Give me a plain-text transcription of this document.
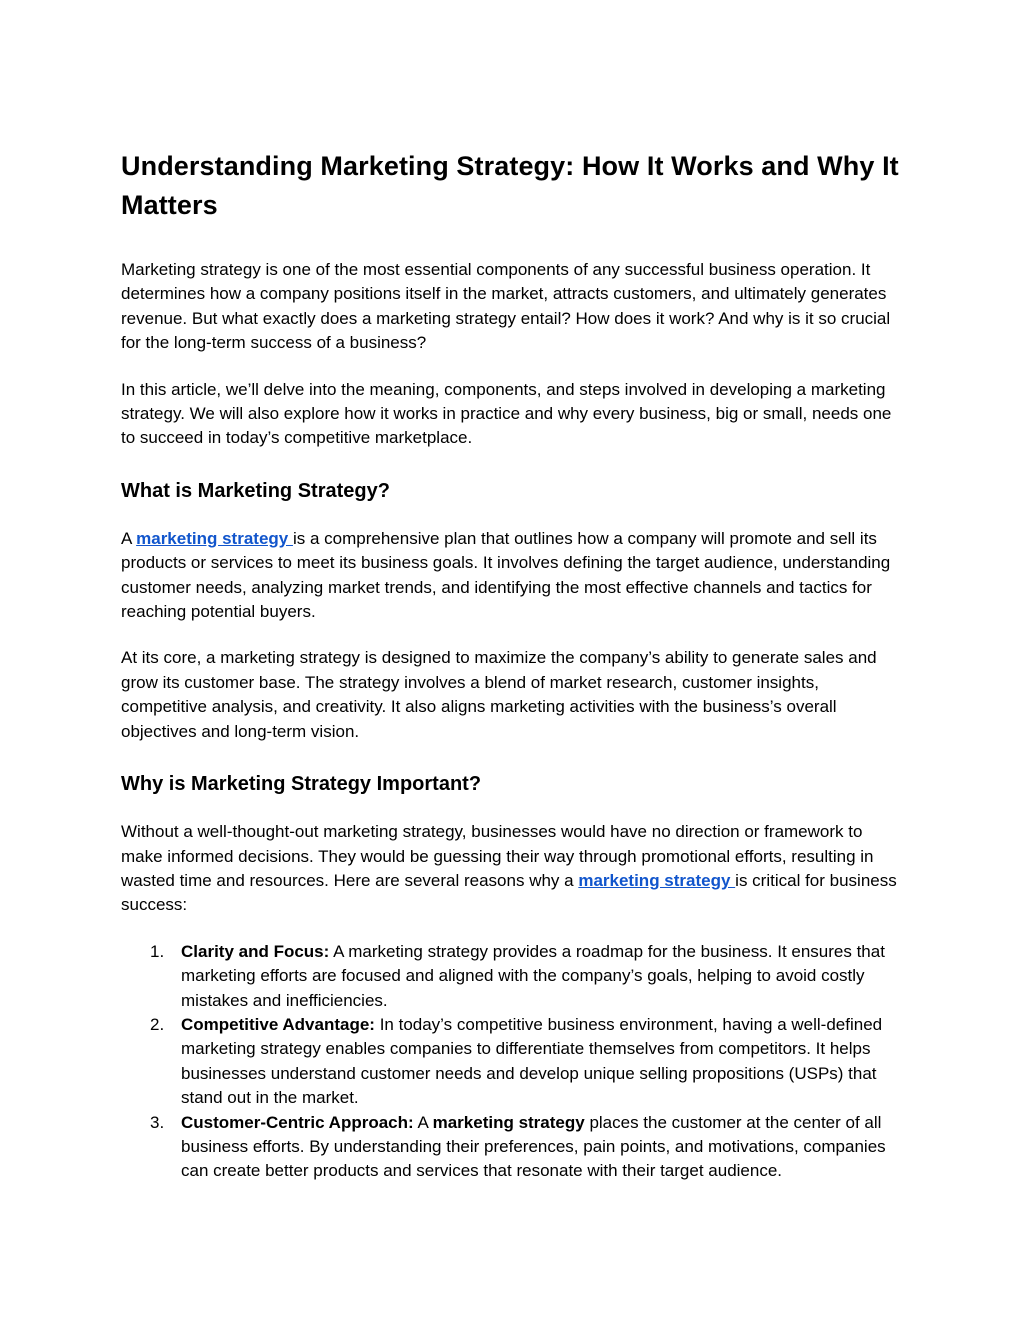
Understanding Marketing Strategy: How It Works and Why It Matters

Marketing strategy is one of the most essential components of any successful business operation. It determines how a company positions itself in the market, attracts customers, and ultimately generates revenue. But what exactly does a marketing strategy entail? How does it work? And why is it so crucial for the long-term success of a business?

In this article, we’ll delve into the meaning, components, and steps involved in developing a marketing strategy. We will also explore how it works in practice and why every business, big or small, needs one to succeed in today’s competitive marketplace.

What is Marketing Strategy?

A marketing strategy is a comprehensive plan that outlines how a company will promote and sell its products or services to meet its business goals. It involves defining the target audience, understanding customer needs, analyzing market trends, and identifying the most effective channels and tactics for reaching potential buyers.

At its core, a marketing strategy is designed to maximize the company’s ability to generate sales and grow its customer base. The strategy involves a blend of market research, customer insights, competitive analysis, and creativity. It also aligns marketing activities with the business’s overall objectives and long-term vision.

Why is Marketing Strategy Important?

Without a well-thought-out marketing strategy, businesses would have no direction or framework to make informed decisions. They would be guessing their way through promotional efforts, resulting in wasted time and resources. Here are several reasons why a marketing strategy is critical for business success:

1. Clarity and Focus: A marketing strategy provides a roadmap for the business. It ensures that marketing efforts are focused and aligned with the company’s goals, helping to avoid costly mistakes and inefficiencies.
2. Competitive Advantage: In today’s competitive business environment, having a well-defined marketing strategy enables companies to differentiate themselves from competitors. It helps businesses understand customer needs and develop unique selling propositions (USPs) that stand out in the market.
3. Customer-Centric Approach: A marketing strategy places the customer at the center of all business efforts. By understanding their preferences, pain points, and motivations, companies can create better products and services that resonate with their target audience.
